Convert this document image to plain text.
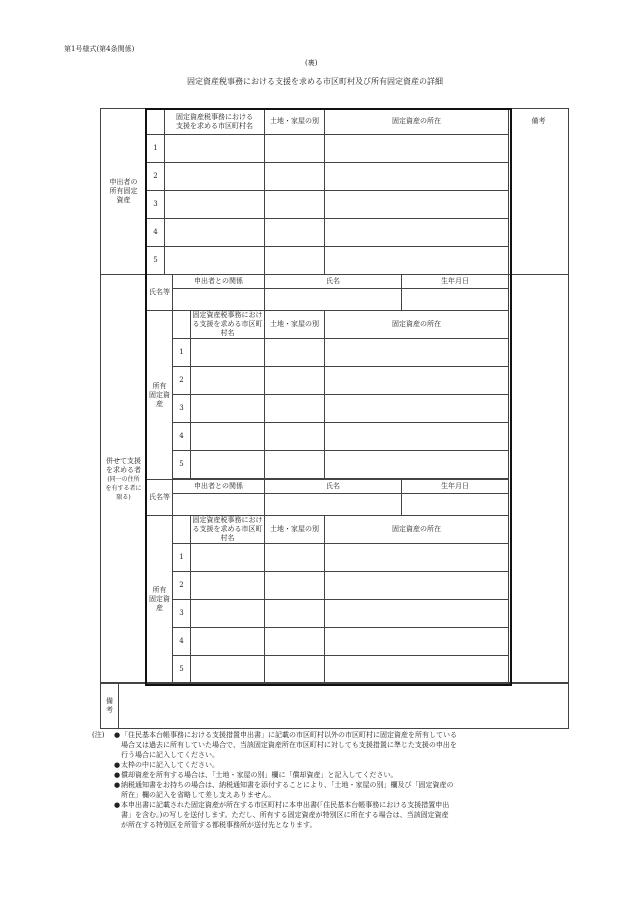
第1号様式(第4条関係)
(裏)
固定資産税事務における支援を求める市区町村及び所有固定資産の詳細
申出者の
所有固定
資産		固定資産税事務における
支援を求める市区町村名	土地・家屋の別	固定資産の所在	備考
	1				
	2				
	3				
	4				
	5				
併せて支援
を求める者
(同一の住所
を有する者に
限る)	氏名等	申出者との関係		氏名		生年月日	

	所有
固定資産		固定資産税事務におけ
る支援を求める市区町
村名	土地・家屋の別	固定資産の所在		
		1					
		2					
		3					
		4					
		5					

	氏名等	申出者との関係		氏名		生年月日	

	所有
固定資産		固定資産税事務におけ
る支援を求める市区町
村名	土地・家屋の別	固定資産の所在		
		1					
		2					
		3					
		4					
		5					
備
考	
(注)	●「住民基本台帳事務における支援措置申出書」に記載の市区町村以外の市区町村に固定資産を所有している
場合又は過去に所有していた場合で、当該固定資産所在市区町村に対しても支援措置に準じた支援の申出を
行う場合に記入してください。
●太枠の中に記入してください。
●償却資産を所有する場合は、「土地・家屋の別」欄に「償却資産」と記入してください。
●納税通知書をお持ちの場合は、納税通知書を添付することにより、「土地・家屋の別」欄及び「固定資産の
所在」欄の記入を省略して差し支えありません。
●本申出書に記載された固定資産が所在する市区町村に本申出書(「住民基本台帳事務における支援措置申出
書」を含む。)の写しを送付します。ただし、所有する固定資産が特別区に所在する場合は、当該固定資産
が所在する特別区を所管する都税事務所が送付先となります。
